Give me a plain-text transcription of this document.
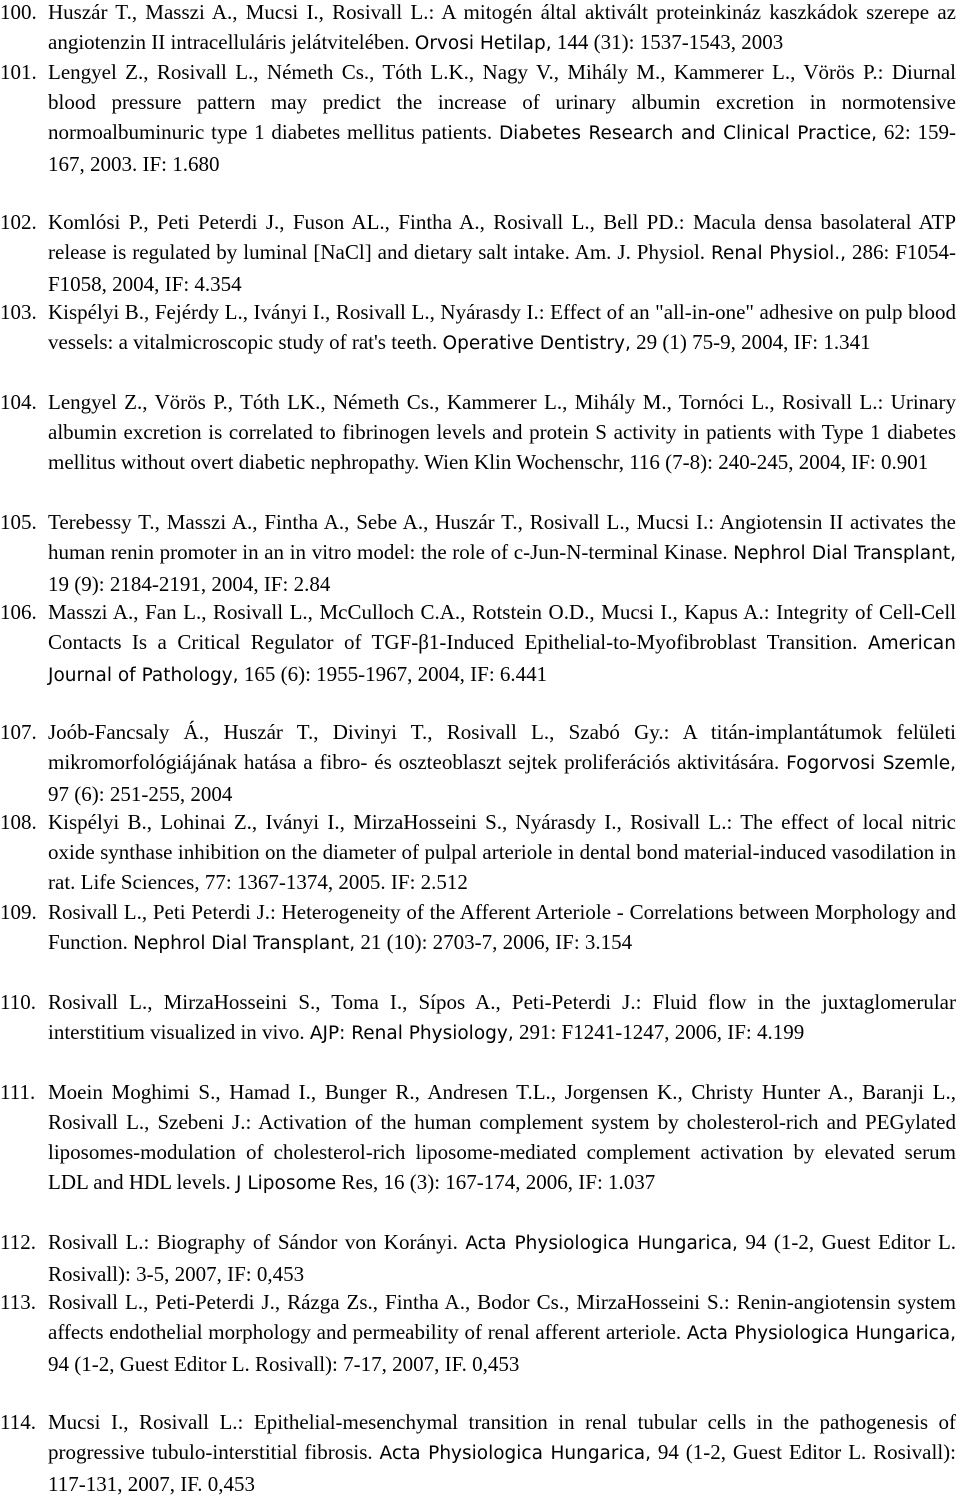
100. Huszár T., Masszi A., Mucsi I., Rosivall L.: A mitogén által aktivált proteinkináz kaszkádok szerepe az angiotenzin II intracelluláris jelátvitelében. Orvosi Hetilap, 144 (31): 1537-1543, 2003
101. Lengyel Z., Rosivall L., Németh Cs., Tóth L.K., Nagy V., Mihály M., Kammerer L., Vörös P.: Diurnal blood pressure pattern may predict the increase of urinary albumin excretion in normotensive normoalbuminuric type 1 diabetes mellitus patients. Diabetes Research and Clinical Practice, 62: 159-167, 2003. IF: 1.680
102. Komlósi P., Peti Peterdi J., Fuson AL., Fintha A., Rosivall L., Bell PD.: Macula densa basolateral ATP release is regulated by luminal [NaCl] and dietary salt intake. Am. J. Physiol. Renal Physiol., 286: F1054-F1058, 2004, IF: 4.354
103. Kispélyi B., Fejérdy L., Iványi I., Rosivall L., Nyárasdy I.: Effect of an "all-in-one" adhesive on pulp blood vessels: a vitalmicroscopic study of rat's teeth. Operative Dentistry, 29 (1) 75-9, 2004, IF: 1.341
104. Lengyel Z., Vörös P., Tóth LK., Németh Cs., Kammerer L., Mihály M., Tornóci L., Rosivall L.: Urinary albumin excretion is correlated to fibrinogen levels and protein S activity in patients with Type 1 diabetes mellitus without overt diabetic nephropathy. Wien Klin Wochenschr, 116 (7-8): 240-245, 2004, IF: 0.901
105. Terebessy T., Masszi A., Fintha A., Sebe A., Huszár T., Rosivall L., Mucsi I.: Angiotensin II activates the human renin promoter in an in vitro model: the role of c-Jun-N-terminal Kinase. Nephrol Dial Transplant, 19 (9): 2184-2191, 2004, IF: 2.84
106. Masszi A., Fan L., Rosivall L., McCulloch C.A., Rotstein O.D., Mucsi I., Kapus A.: Integrity of Cell-Cell Contacts Is a Critical Regulator of TGF-β1-Induced Epithelial-to-Myofibroblast Transition. American Journal of Pathology, 165 (6): 1955-1967, 2004, IF: 6.441
107. Joób-Fancsaly Á., Huszár T., Divinyi T., Rosivall L., Szabó Gy.: A titán-implantátumok felületi mikromorfológiájának hatása a fibro- és oszteoblaszt sejtek proliferációs aktivitására. Fogorvosi Szemle, 97 (6): 251-255, 2004
108. Kispélyi B., Lohinai Z., Iványi I., MirzaHosseini S., Nyárasdy I., Rosivall L.: The effect of local nitric oxide synthase inhibition on the diameter of pulpal arteriole in dental bond material-induced vasodilation in rat. Life Sciences, 77: 1367-1374, 2005. IF: 2.512
109. Rosivall L., Peti Peterdi J.: Heterogeneity of the Afferent Arteriole - Correlations between Morphology and Function. Nephrol Dial Transplant, 21 (10): 2703-7, 2006, IF: 3.154
110. Rosivall L., MirzaHosseini S., Toma I., Sípos A., Peti-Peterdi J.: Fluid flow in the juxtaglomerular interstitium visualized in vivo. AJP: Renal Physiology, 291: F1241-1247, 2006, IF: 4.199
111. Moein Moghimi S., Hamad I., Bunger R., Andresen T.L., Jorgensen K., Christy Hunter A., Baranji L., Rosivall L., Szebeni J.: Activation of the human complement system by cholesterol-rich and PEGylated liposomes-modulation of cholesterol-rich liposome-mediated complement activation by elevated serum LDL and HDL levels. J Liposome Res, 16 (3): 167-174, 2006, IF: 1.037
112. Rosivall L.: Biography of Sándor von Korányi. Acta Physiologica Hungarica, 94 (1-2, Guest Editor L. Rosivall): 3-5, 2007, IF: 0,453
113. Rosivall L., Peti-Peterdi J., Rázga Zs., Fintha A., Bodor Cs., MirzaHosseini S.: Renin-angiotensin system affects endothelial morphology and permeability of renal afferent arteriole. Acta Physiologica Hungarica, 94 (1-2, Guest Editor L. Rosivall): 7-17, 2007, IF. 0,453
114. Mucsi I., Rosivall L.: Epithelial-mesenchymal transition in renal tubular cells in the pathogenesis of progressive tubulo-interstitial fibrosis. Acta Physiologica Hungarica, 94 (1-2, Guest Editor L. Rosivall): 117-131, 2007, IF. 0,453
